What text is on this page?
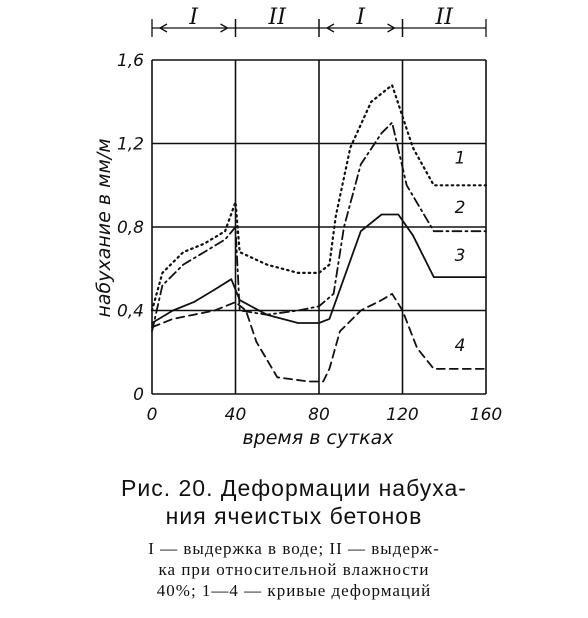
I	II	I	II
0	40	80	120	160
0
0,4
0,8
1,2
1,6
1
2
3
4
время в сутках
набухание в мм/м
Рис. 20. Деформации набуха-
ния ячеистых бетонов
I — выдержка в воде; II — выдерж-
ка при относительной влажности
40%; 1—4 — кривые деформаций
